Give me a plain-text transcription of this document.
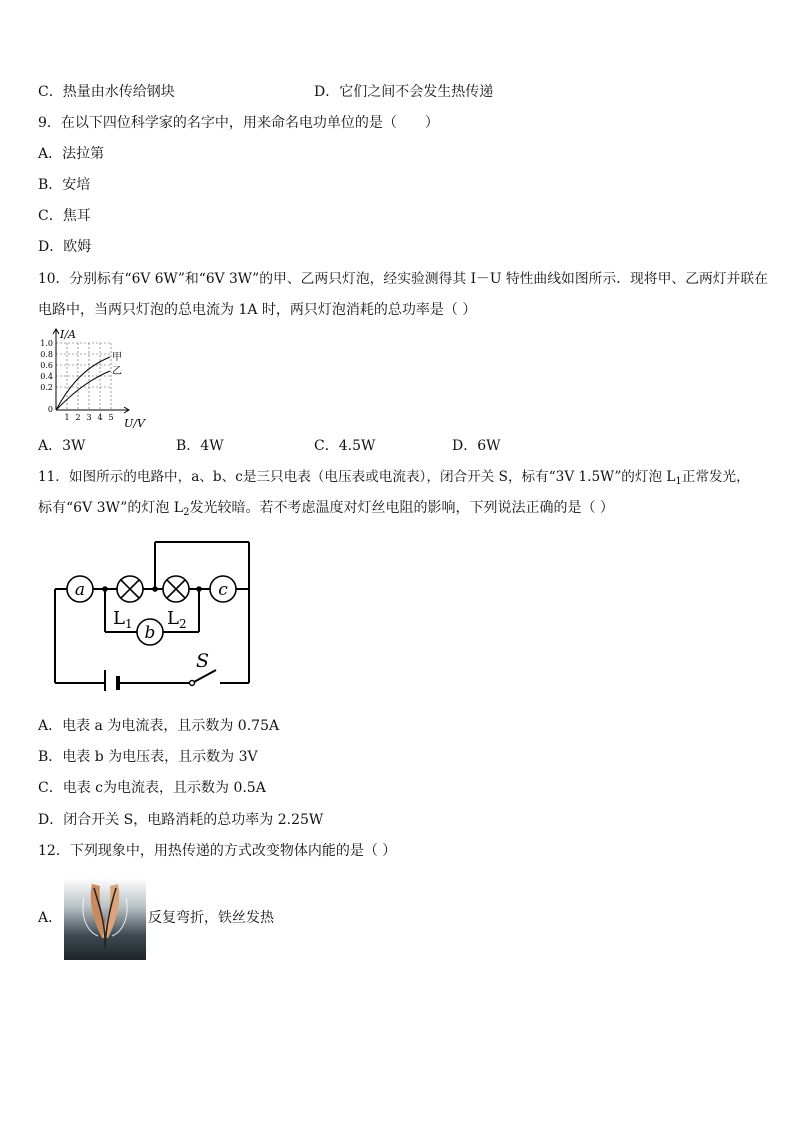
C．热量由水传给钢块	D．它们之间不会发生热传递
9．在以下四位科学家的名字中，用来命名电功单位的是（　　）
A．法拉第
B．安培
C．焦耳
D．欧姆
10．分别标有“6V 6W”和“6V 3W”的甲、乙两只灯泡，经实验测得其 I－U 特性曲线如图所示．现将甲、乙两灯并联在
电路中，当两只灯泡的总电流为 1A 时，两只灯泡消耗的总功率是（ ）
I/A
U/V
1.0
0.8
0.6
0.4
0.2
0
1 2 3 4 5
甲
乙
A．3W	B．4W	C．4.5W	D．6W
11．如图所示的电路中，a、b、c是三只电表（电压表或电流表），闭合开关 S，标有“3V 1.5W”的灯泡 $L_1$正常发光，
标有“6V 3W”的灯泡 $L_2$发光较暗。若不考虑温度对灯丝电阻的影响，下列说法正确的是（ ）
a	c
b
$L_1$ $L_2$
S
A．电表 a 为电流表，且示数为 0.75A
B．电表 b 为电压表，且示数为 3V
C．电表 c为电流表，且示数为 0.5A
D．闭合开关 S，电路消耗的总功率为 2.25W
12．下列现象中，用热传递的方式改变物体内能的是（ ）
A．	反复弯折，铁丝发热
